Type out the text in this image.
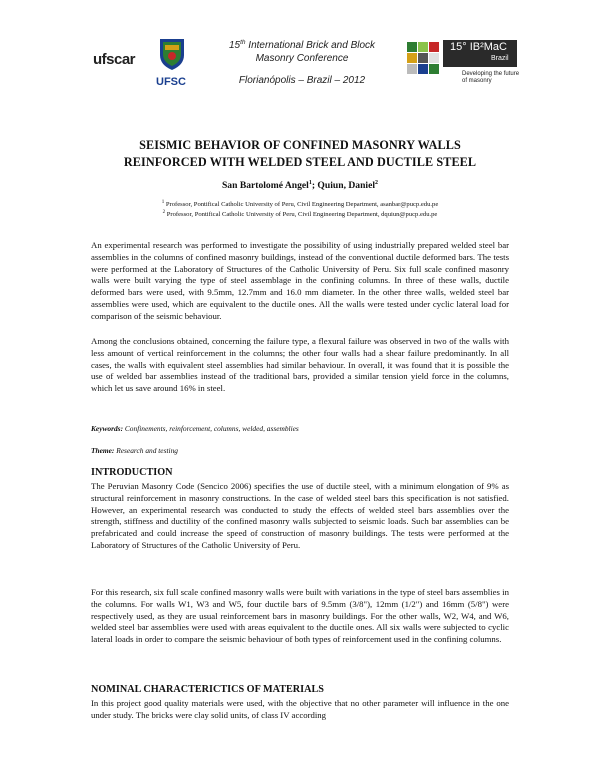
ufscar
UFSC
15th International Brick and Block
Masonry Conference
Florianópolis – Brazil – 2012
15° IB²MaC
Brazil
Developing the future of masonry
SEISMIC BEHAVIOR OF CONFINED MASONRY WALLS
REINFORCED WITH WELDED STEEL AND DUCTILE STEEL
San Bartolomé Angel$^1$; Quiun, Daniel$^2$
$^1$ Professor, Pontifical Catholic University of Peru, Civil Engineering Department, asanbar@pucp.edu.pe
$^2$ Professor, Pontifical Catholic University of Peru, Civil Engineering Department, dquiun@pucp.edu.pe
An experimental research was performed to investigate the possibility of using industrially prepared welded steel bar assemblies in the columns of confined masonry buildings, instead of the conventional ductile deformed bars. The tests were performed at the Laboratory of Structures of the Catholic University of Peru. Six full scale confined masonry walls were built varying the type of steel assemblage in the confining columns. In three of these walls, ductile deformed bars were used, with 9.5mm, 12.7mm and 16.0 mm diameter. In the other three walls, welded steel bar assemblies were used, which are equivalent to the ductile ones. All the walls were tested under cyclic lateral load for comparison of the seismic behaviour.
Among the conclusions obtained, concerning the failure type, a flexural failure was observed in two of the walls with less amount of vertical reinforcement in the columns; the other four walls had a shear failure predominantly. In all cases, the walls with equivalent steel assemblies had similar behaviour. In overall, it was found that it is possible the use of welded bar assemblies instead of the traditional bars, provided a similar tension yield force in the columns, which let us save around 16% in steel.
Keywords: Confinements, reinforcement, columns, welded, assemblies
Theme: Research and testing
INTRODUCTION
The Peruvian Masonry Code (Sencico 2006) specifies the use of ductile steel, with a minimum elongation of 9% as structural reinforcement in masonry constructions. In the case of welded steel bars this specification is not satisfied. However, an experimental research was conducted to study the effects of welded steel bars assemblies over the strength, stiffness and ductility of the confined masonry walls subjected to seismic loads. Such bar assemblies can be prefabricated and could increase the speed of construction of masonry buildings. The tests were performed at the Laboratory of Structures of the Catholic University of Peru.
For this research, six full scale confined masonry walls were built with variations in the type of steel bars assemblies in the columns. For walls W1, W3 and W5, four ductile bars of 9.5mm (3/8"), 12mm (1/2") and 16mm (5/8") were respectively used, as they are usual reinforcement bars in masonry buildings. For the other walls, W2, W4, and W6, welded steel bar assemblies were used with areas equivalent to the ductile ones. All six walls were subjected to cyclic lateral loads in order to compare the seismic behaviour of both types of reinforcement used in the confining columns.
NOMINAL CHARACTERICTICS OF MATERIALS
In this project good quality materials were used, with the objective that no other parameter will influence in the one under study. The bricks were clay solid units, of class IV according
